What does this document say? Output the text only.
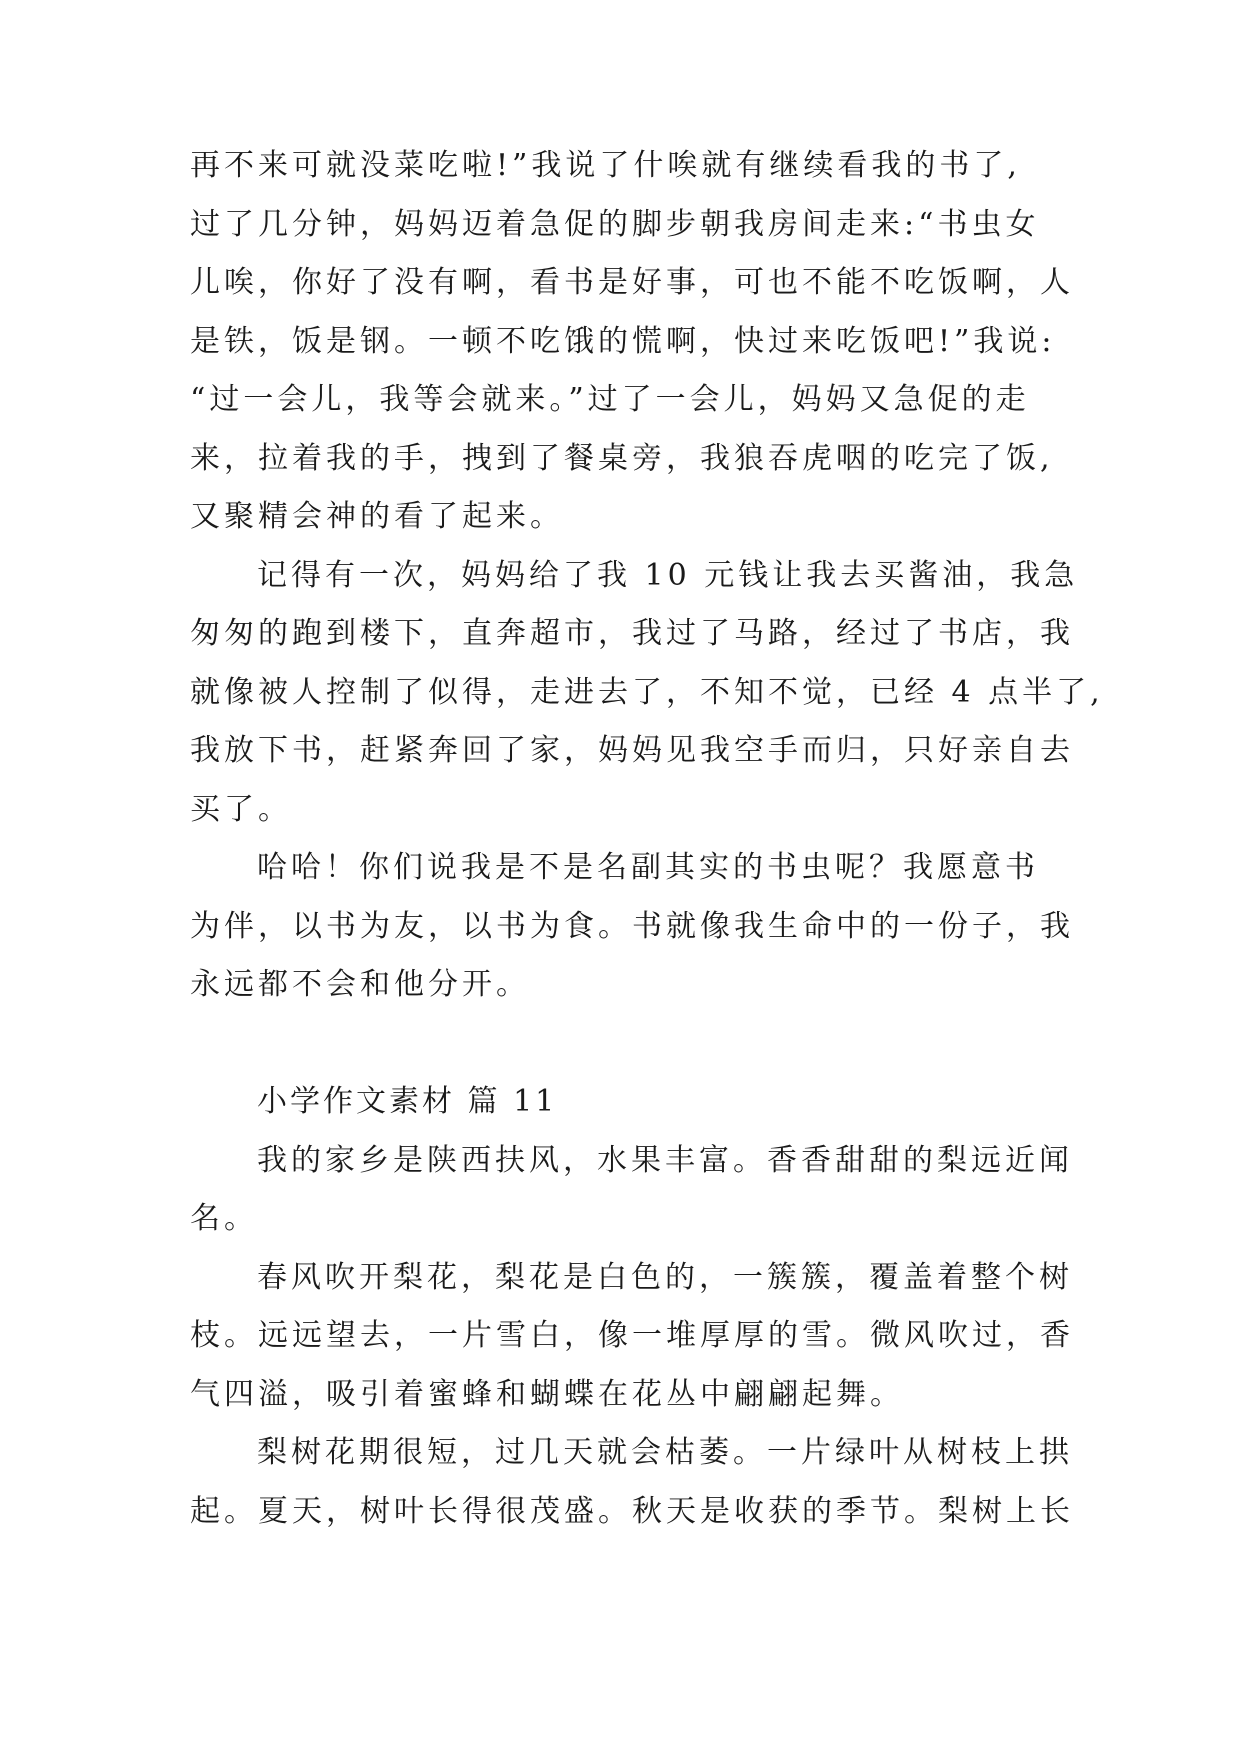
再不来可就没菜吃啦!”我说了什唉就有继续看我的书了,
过了几分钟，妈妈迈着急促的脚步朝我房间走来:“书虫女
儿唉，你好了没有啊，看书是好事，可也不能不吃饭啊，人
是铁，饭是钢。一顿不吃饿的慌啊，快过来吃饭吧!”我说:
“过一会儿，我等会就来。”过了一会儿，妈妈又急促的走
来，拉着我的手，拽到了餐桌旁，我狼吞虎咽的吃完了饭,
又聚精会神的看了起来。
记得有一次，妈妈给了我 10 元钱让我去买酱油，我急
匆匆的跑到楼下，直奔超市，我过了马路，经过了书店，我
就像被人控制了似得，走进去了，不知不觉，已经 4 点半了,
我放下书，赶紧奔回了家，妈妈见我空手而归，只好亲自去
买了。
哈哈！你们说我是不是名副其实的书虫呢？我愿意书
为伴，以书为友，以书为食。书就像我生命中的一份子，我
永远都不会和他分开。
小学作文素材 篇 11
我的家乡是陕西扶风，水果丰富。香香甜甜的梨远近闻
名。
春风吹开梨花，梨花是白色的，一簇簇，覆盖着整个树
枝。远远望去，一片雪白，像一堆厚厚的雪。微风吹过，香
气四溢，吸引着蜜蜂和蝴蝶在花丛中翩翩起舞。
梨树花期很短，过几天就会枯萎。一片绿叶从树枝上拱
起。夏天，树叶长得很茂盛。秋天是收获的季节。梨树上长
